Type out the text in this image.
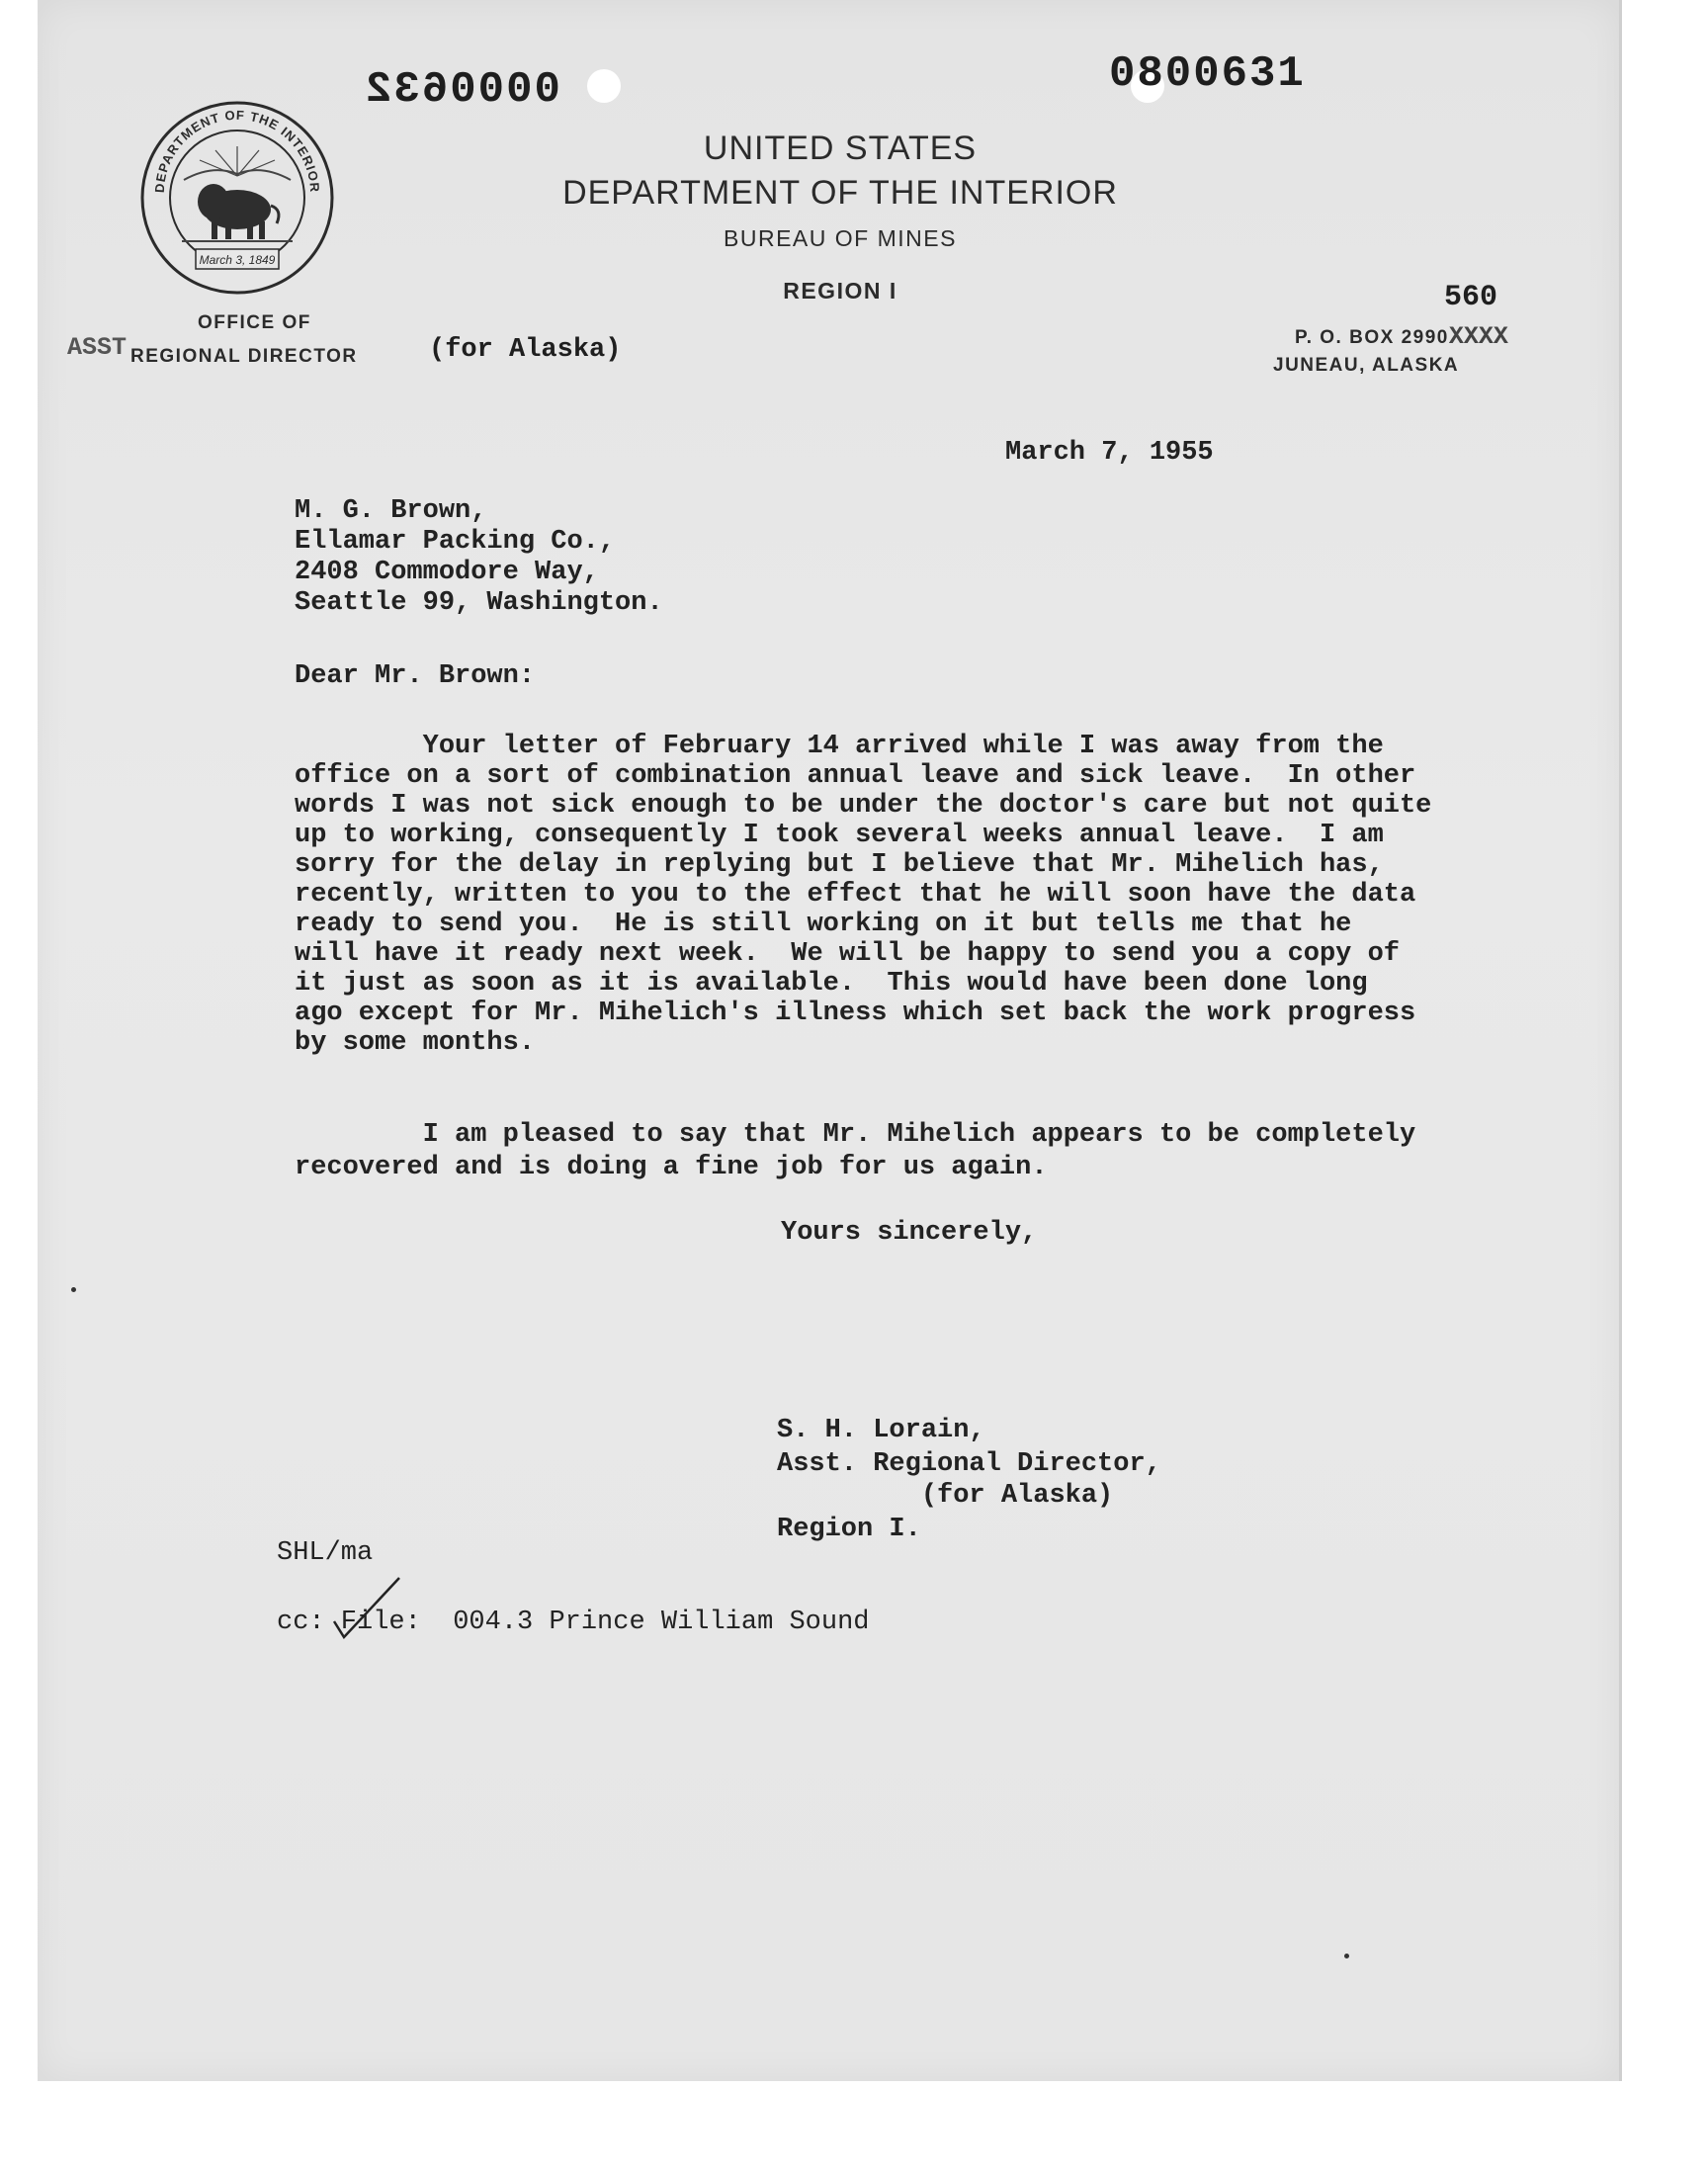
0000632	0800631
DEPARTMENT OF THE INTERIOR
March 3, 1849
UNITED STATES
DEPARTMENT OF THE INTERIOR
BUREAU OF MINES
REGION I
OFFICE OF
ASST REGIONAL DIRECTOR	(for Alaska)
560
P. O. BOX 2990XXXX
JUNEAU, ALASKA
March 7, 1955
M. G. Brown,
Ellamar Packing Co.,
2408 Commodore Way,
Seattle 99, Washington.
Dear Mr. Brown:
Your letter of February 14 arrived while I was away from the
office on a sort of combination annual leave and sick leave.  In other
words I was not sick enough to be under the doctor's care but not quite
up to working, consequently I took several weeks annual leave.  I am
sorry for the delay in replying but I believe that Mr. Mihelich has,
recently, written to you to the effect that he will soon have the data
ready to send you.  He is still working on it but tells me that he
will have it ready next week.  We will be happy to send you a copy of
it just as soon as it is available.  This would have been done long
ago except for Mr. Mihelich's illness which set back the work progress
by some months.
I am pleased to say that Mr. Mihelich appears to be completely
recovered and is doing a fine job for us again.
Yours sincerely,
S. H. Lorain,
Asst. Regional Director,
(for Alaska)
Region I.
SHL/ma
cc: File:  004.3 Prince William Sound
